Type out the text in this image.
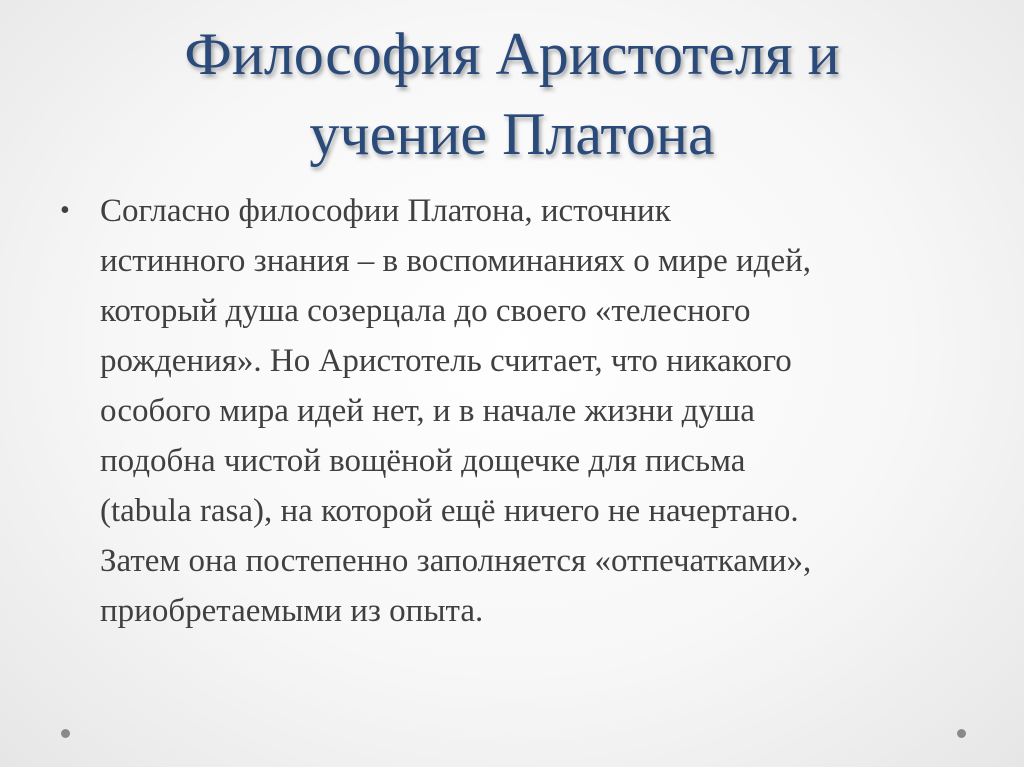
Философия Аристотеля и
учение Платона
• Согласно философии Платона, источник
истинного знания – в воспоминаниях о мире идей,
который душа созерцала до своего «телесного
рождения». Но Аристотель считает, что никакого
особого мира идей нет, и в начале жизни душа
подобна чистой вощёной дощечке для письма
(tabula rasa), на которой ещё ничего не начертано.
Затем она постепенно заполняется «отпечатками»,
приобретаемыми из опыта.
